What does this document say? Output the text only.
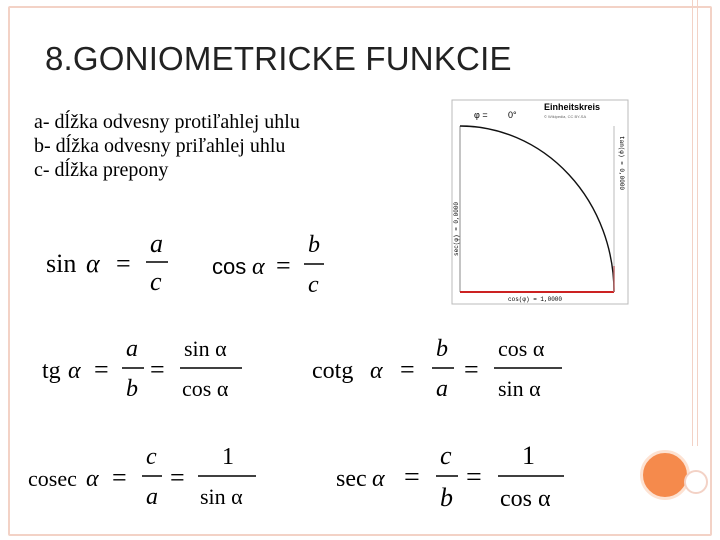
8.GONIOMETRICKE FUNKCIE
a- dĺžka odvesny protiľahlej uhlu
b- dĺžka odvesny priľahlej uhlu
c- dĺžka prepony
φ = 0°
Einheitskreis
© Wikipedia, CC BY-SA
cos(φ) = 1,0000
tan(φ) = 0,0000
sec(φ) = 0,0000
sin α =
a
c
cos α =
b
c
tg α =
a
b
=
sin α
cos α
cotg α =
b
a
=
cos α
sin α
cosec α =
c
a
=
1
sin α
sec α =
c
b
=
1
cos α
